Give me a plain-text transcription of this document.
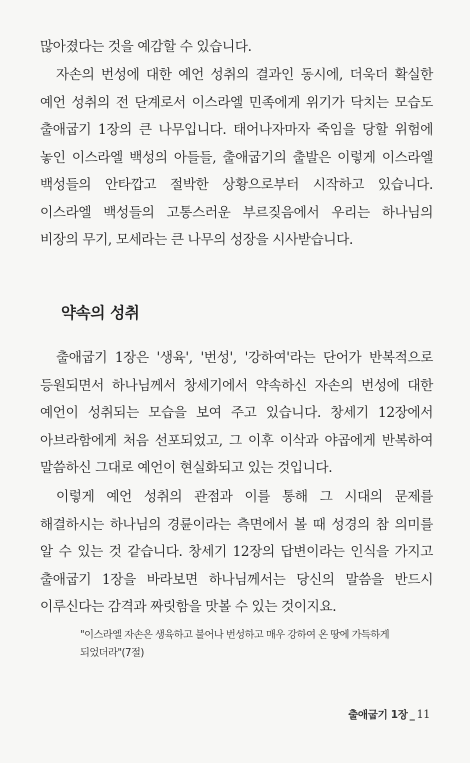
많아졌다는 것을 예감할 수 있습니다.

자손의 번성에 대한 예언 성취의 결과인 동시에, 더욱더 확실한 예언 성취의 전 단계로서 이스라엘 민족에게 위기가 닥치는 모습도 출애굽기 1장의 큰 나무입니다. 태어나자마자 죽임을 당할 위험에 놓인 이스라엘 백성의 아들들, 출애굽기의 출발은 이렇게 이스라엘 백성들의 안타깝고 절박한 상황으로부터 시작하고 있습니다. 이스라엘 백성들의 고통스러운 부르짖음에서 우리는 하나님의 비장의 무기, 모세라는 큰 나무의 성장을 시사받습니다.

약속의 성취

출애굽기 1장은 '생육', '번성', '강하여'라는 단어가 반복적으로 등원되면서 하나님께서 창세기에서 약속하신 자손의 번성에 대한 예언이 성취되는 모습을 보여 주고 있습니다. 창세기 12장에서 아브라함에게 처음 선포되었고, 그 이후 이삭과 야곱에게 반복하여 말씀하신 그대로 예언이 현실화되고 있는 것입니다.

이렇게 예언 성취의 관점과 이를 통해 그 시대의 문제를 해결하시는 하나님의 경륜이라는 측면에서 볼 때 성경의 참 의미를 알 수 있는 것 같습니다. 창세기 12장의 답변이라는 인식을 가지고 출애굽기 1장을 바라보면 하나님께서는 당신의 말씀을 반드시 이루신다는 감격과 짜릿함을 맛볼 수 있는 것이지요.

"이스라엘 자손은 생육하고 불어나 번성하고 매우 강하여 온 땅에 가득하게 되었더라"(7절)

출애굽기 1장 _ 11
